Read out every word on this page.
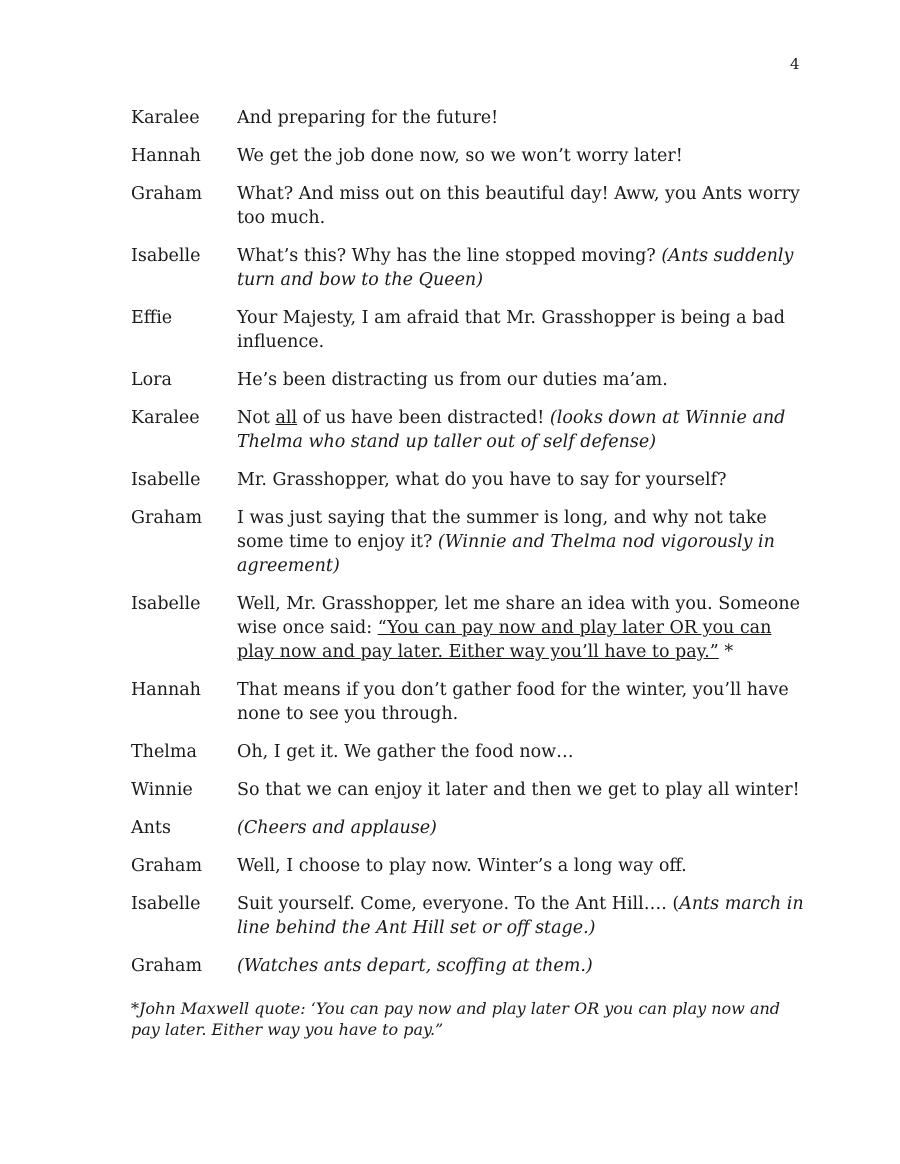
4
Karalee	And preparing for the future!
Hannah	We get the job done now, so we won’t worry later!
Graham	What? And miss out on this beautiful day! Aww, you Ants worry too much.
Isabelle	What’s this? Why has the line stopped moving? (Ants suddenly turn and bow to the Queen)
Effie	Your Majesty, I am afraid that Mr. Grasshopper is being a bad influence.
Lora	He’s been distracting us from our duties ma’am.
Karalee	Not all of us have been distracted! (looks down at Winnie and Thelma who stand up taller out of self defense)
Isabelle	Mr. Grasshopper, what do you have to say for yourself?
Graham	I was just saying that the summer is long, and why not take some time to enjoy it? (Winnie and Thelma nod vigorously in agreement)
Isabelle	Well, Mr. Grasshopper, let me share an idea with you. Someone wise once said: “You can pay now and play later OR you can play now and pay later. Either way you’ll have to pay.” *
Hannah	That means if you don’t gather food for the winter, you’ll have none to see you through.
Thelma	Oh, I get it. We gather the food now…
Winnie	So that we can enjoy it later and then we get to play all winter!
Ants	(Cheers and applause)
Graham	Well, I choose to play now. Winter’s a long way off.
Isabelle	Suit yourself. Come, everyone. To the Ant Hill…. (Ants march in line behind the Ant Hill set or off stage.)
Graham	(Watches ants depart, scoffing at them.)
*John Maxwell quote: ‘You can pay now and play later OR you can play now and pay later. Either way you have to pay.”
